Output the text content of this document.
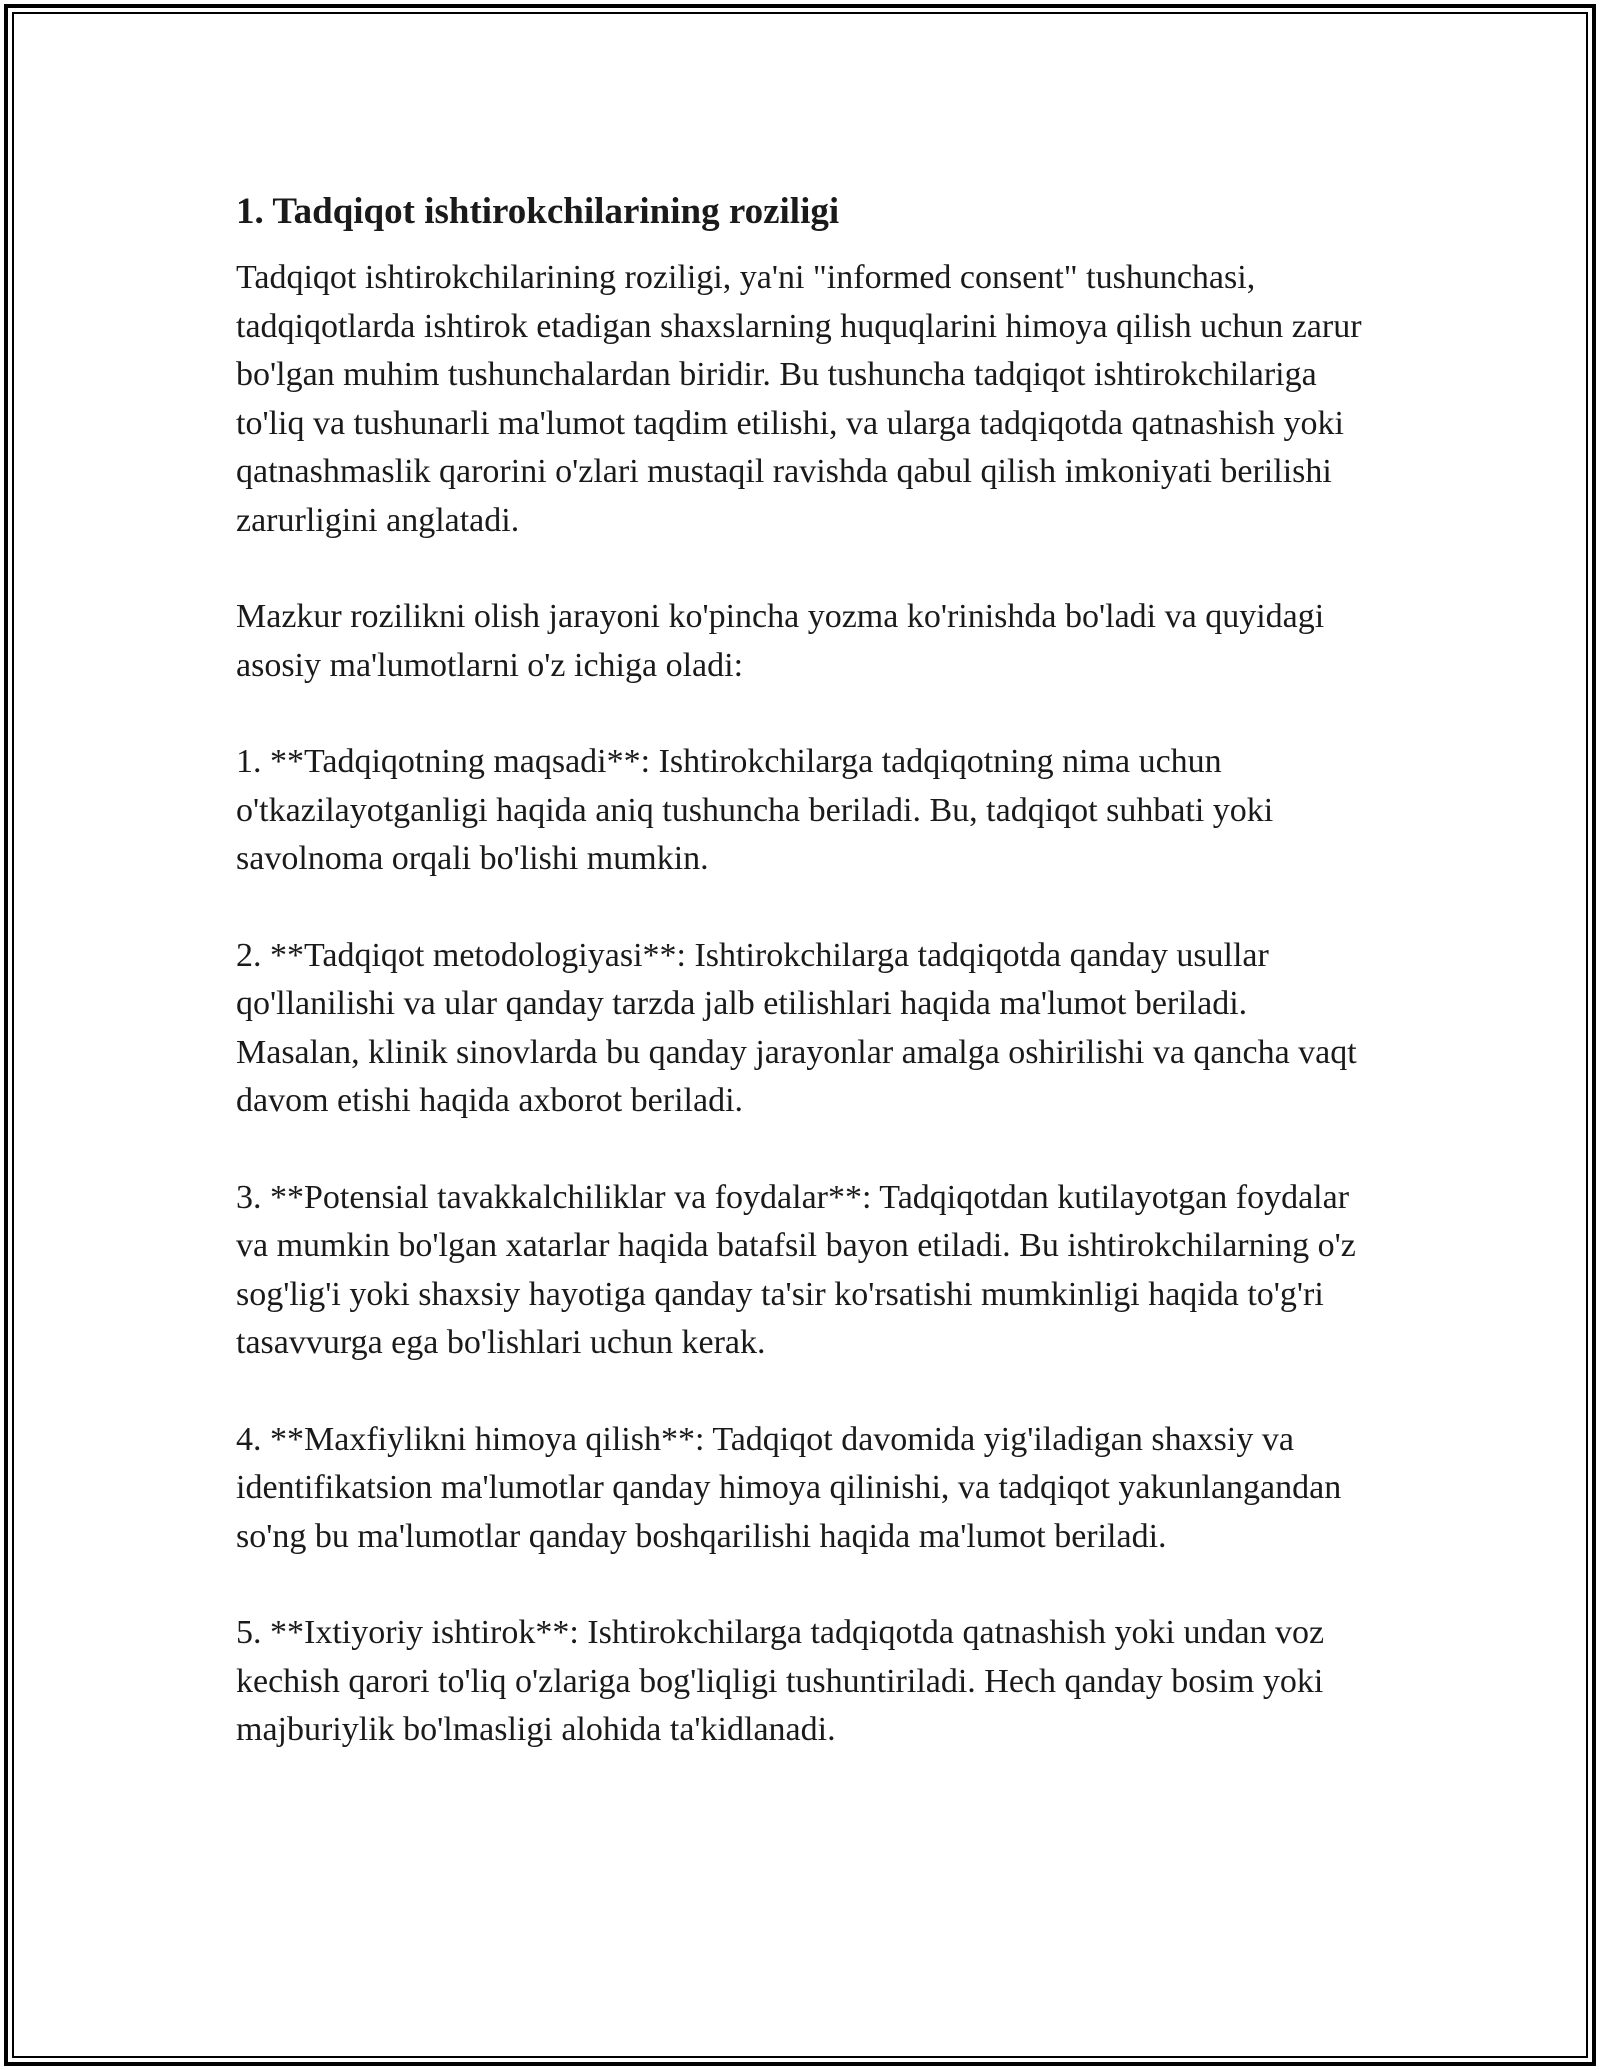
1. Tadqiqot ishtirokchilarining roziligi

Tadqiqot ishtirokchilarining roziligi, ya'ni "informed consent" tushunchasi, tadqiqotlarda ishtirok etadigan shaxslarning huquqlarini himoya qilish uchun zarur bo'lgan muhim tushunchalardan biridir. Bu tushuncha tadqiqot ishtirokchilariga to'liq va tushunarli ma'lumot taqdim etilishi, va ularga tadqiqotda qatnashish yoki qatnashmaslik qarorini o'zlari mustaqil ravishda qabul qilish imkoniyati berilishi zarurligini anglatadi.

Mazkur rozilikni olish jarayoni ko'pincha yozma ko'rinishda bo'ladi va quyidagi asosiy ma'lumotlarni o'z ichiga oladi:

1. **Tadqiqotning maqsadi**: Ishtirokchilarga tadqiqotning nima uchun o'tkazilayotganligi haqida aniq tushuncha beriladi. Bu, tadqiqot suhbati yoki savolnoma orqali bo'lishi mumkin.

2. **Tadqiqot metodologiyasi**: Ishtirokchilarga tadqiqotda qanday usullar qo'llanilishi va ular qanday tarzda jalb etilishlari haqida ma'lumot beriladi. Masalan, klinik sinovlarda bu qanday jarayonlar amalga oshirilishi va qancha vaqt davom etishi haqida axborot beriladi.

3. **Potensial tavakkalchiliklar va foydalar**: Tadqiqotdan kutilayotgan foydalar va mumkin bo'lgan xatarlar haqida batafsil bayon etiladi. Bu ishtirokchilarning o'z sog'lig'i yoki shaxsiy hayotiga qanday ta'sir ko'rsatishi mumkinligi haqida to'g'ri tasavvurga ega bo'lishlari uchun kerak.

4. **Maxfiylikni himoya qilish**: Tadqiqot davomida yig'iladigan shaxsiy va identifikatsion ma'lumotlar qanday himoya qilinishi, va tadqiqot yakunlangandan so'ng bu ma'lumotlar qanday boshqarilishi haqida ma'lumot beriladi.

5. **Ixtiyoriy ishtirok**: Ishtirokchilarga tadqiqotda qatnashish yoki undan voz kechish qarori to'liq o'zlariga bog'liqligi tushuntiriladi. Hech qanday bosim yoki majburiylik bo'lmasligi alohida ta'kidlanadi.
